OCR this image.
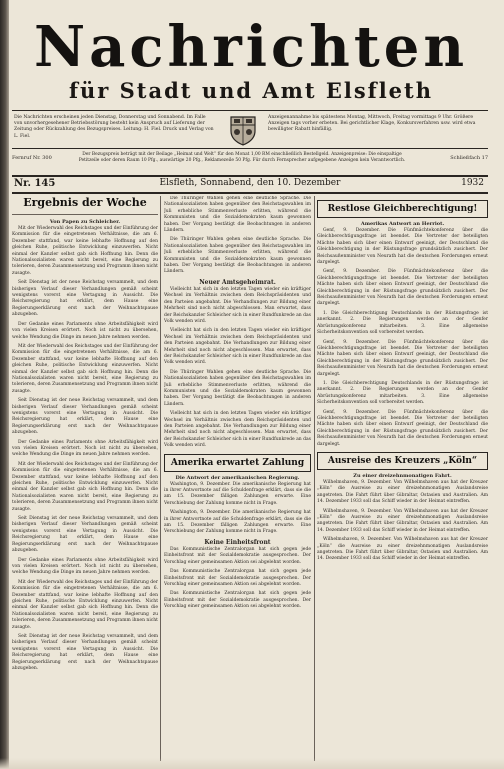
Nachrichten
für Stadt und Amt Elsfleth
Die Nachrichten erscheinen jeden Dienstag, Donnerstag und Sonnabend. Im Falle von unvorhergesehener Betriebsstörung besteht kein Anspruch auf Lieferung der Zeitung oder Rückzahlung des Bezugspreises. Leitung: H. Fiel. Druck und Verlag von L. Fiel.
Anzeigenannahme bis spätestens Montag, Mittwoch, Freitag vormittags 9 Uhr. Größere Anzeigen tags vorher erbeten. Bei gerichtlicher Klage, Konkursverfahren usw. wird etwa bewilligter Rabatt hinfällig.
Fernruf Nr. 300
Der Bezugspreis beträgt mit der Beilage „Heimat und Welt“ für den Monat 1,00 RM einschließlich Bestellgeld. Anzeigenpreise: Die einspaltige Petitzeile oder deren Raum 10 Pfg., auswärtige 20 Pfg., Reklamezeile 50 Pfg. Für durch Fernsprecher aufgegebene Anzeigen kein Verantwortlich.	Schließfach 17
Nr. 145	Elsfleth, Sonnabend, den 10. Dezember	1932
Ergebnis der Woche
Von Papen zu Schleicher.

Mit der Wiederwahl des Reichstages und der Einführung der Kommission für die eingetretenen Verhältnisse, die am 6. Dezember stattfand, war keine lebhafte Hoffnung auf den gleichen Ruhe, politische Entwicklung einzuwerfen. Nicht einmal der Kanzler selbst gab sich Hoffnung hin. Denn die Nationalsozialisten waren nicht bereit, eine Regierung zu tolerieren, deren Zusammensetzung und Programm ihnen nicht zusagte.

Seit Dienstag ist der neue Reichstag versammelt, und dem bisherigen Verlauf dieser Verhandlungen gemäß scheint wenigstens vorerst eine Vertagung in Aussicht. Die Reichsregierung hat erklärt, dem Hause eine Regierungserklärung erst nach der Weihnachtspause abzugeben.

Der Gedanke eines Parlaments ohne Arbeitsfähigkeit wird von vielen Kreisen erörtert. Noch ist nicht zu übersehen, welche Wendung die Dinge im neuen Jahre nehmen werden.

Mit der Wiederwahl des Reichstages und der Einführung der Kommission für die eingetretenen Verhältnisse, die am 6. Dezember stattfand, war keine lebhafte Hoffnung auf den gleichen Ruhe, politische Entwicklung einzuwerfen. Nicht einmal der Kanzler selbst gab sich Hoffnung hin. Denn die Nationalsozialisten waren nicht bereit, eine Regierung zu tolerieren, deren Zusammensetzung und Programm ihnen nicht zusagte.

Seit Dienstag ist der neue Reichstag versammelt, und dem bisherigen Verlauf dieser Verhandlungen gemäß scheint wenigstens vorerst eine Vertagung in Aussicht. Die Reichsregierung hat erklärt, dem Hause eine Regierungserklärung erst nach der Weihnachtspause abzugeben.

Der Gedanke eines Parlaments ohne Arbeitsfähigkeit wird von vielen Kreisen erörtert. Noch ist nicht zu übersehen, welche Wendung die Dinge im neuen Jahre nehmen werden.

Mit der Wiederwahl des Reichstages und der Einführung der Kommission für die eingetretenen Verhältnisse, die am 6. Dezember stattfand, war keine lebhafte Hoffnung auf den gleichen Ruhe, politische Entwicklung einzuwerfen. Nicht einmal der Kanzler selbst gab sich Hoffnung hin. Denn die Nationalsozialisten waren nicht bereit, eine Regierung zu tolerieren, deren Zusammensetzung und Programm ihnen nicht zusagte.

Seit Dienstag ist der neue Reichstag versammelt, und dem bisherigen Verlauf dieser Verhandlungen gemäß scheint wenigstens vorerst eine Vertagung in Aussicht. Die Reichsregierung hat erklärt, dem Hause eine Regierungserklärung erst nach der Weihnachtspause abzugeben.

Der Gedanke eines Parlaments ohne Arbeitsfähigkeit wird von vielen Kreisen erörtert. Noch ist nicht zu übersehen, welche Wendung die Dinge im neuen Jahre nehmen werden.

Mit der Wiederwahl des Reichstages und der Einführung der Kommission für die eingetretenen Verhältnisse, die am 6. Dezember stattfand, war keine lebhafte Hoffnung auf den gleichen Ruhe, politische Entwicklung einzuwerfen. Nicht einmal der Kanzler selbst gab sich Hoffnung hin. Denn die Nationalsozialisten waren nicht bereit, eine Regierung zu tolerieren, deren Zusammensetzung und Programm ihnen nicht zusagte.

Seit Dienstag ist der neue Reichstag versammelt, und dem bisherigen Verlauf dieser Verhandlungen gemäß scheint wenigstens vorerst eine Vertagung in Aussicht. Die Reichsregierung hat erklärt, dem Hause eine Regierungserklärung erst nach der Weihnachtspause abzugeben.

Die Thüringer Wahlen gehen eine deutliche Sprache. Die Nationalsozialisten haben gegenüber den Reichstagswahlen im Juli erhebliche Stimmenverluste erlitten, während die Kommunisten und die Sozialdemokraten kaum gewonnen haben. Der Vorgang bestätigt die Beobachtungen in anderen Ländern.

Die Thüringer Wahlen gehen eine deutliche Sprache. Die Nationalsozialisten haben gegenüber den Reichstagswahlen im Juli erhebliche Stimmenverluste erlitten, während die Kommunisten und die Sozialdemokraten kaum gewonnen haben. Der Vorgang bestätigt die Beobachtungen in anderen Ländern.

Neuer Amtsgeheimrat.

Vielleicht hat sich in den letzten Tagen wieder ein kräftiger Wechsel im Verhältnis zwischen dem Reichspräsidenten und den Parteien angebahnt. Die Verhandlungen zur Bildung einer Mehrheit sind noch nicht abgeschlossen. Man erwartet, dass der Reichskanzler Schleicher sich in einer Rundfunkrede an das Volk wenden wird.

Vielleicht hat sich in den letzten Tagen wieder ein kräftiger Wechsel im Verhältnis zwischen dem Reichspräsidenten und den Parteien angebahnt. Die Verhandlungen zur Bildung einer Mehrheit sind noch nicht abgeschlossen. Man erwartet, dass der Reichskanzler Schleicher sich in einer Rundfunkrede an das Volk wenden wird.

Die Thüringer Wahlen gehen eine deutliche Sprache. Die Nationalsozialisten haben gegenüber den Reichstagswahlen im Juli erhebliche Stimmenverluste erlitten, während die Kommunisten und die Sozialdemokraten kaum gewonnen haben. Der Vorgang bestätigt die Beobachtungen in anderen Ländern.

Vielleicht hat sich in den letzten Tagen wieder ein kräftiger Wechsel im Verhältnis zwischen dem Reichspräsidenten und den Parteien angebahnt. Die Verhandlungen zur Bildung einer Mehrheit sind noch nicht abgeschlossen. Man erwartet, dass der Reichskanzler Schleicher sich in einer Rundfunkrede an das Volk wenden wird.

Amerika erwartet Zahlung
Die Antwort der amerikanischen Regierung.

Washington, 9. Dezember. Die amerikanische Regierung hat in ihrer Antwortnote auf die Schuldenfrage erklärt, dass sie die am 15. Dezember fälligen Zahlungen erwarte. Eine Verschiebung der Zahlung komme nicht in Frage.

Washington, 9. Dezember. Die amerikanische Regierung hat in ihrer Antwortnote auf die Schuldenfrage erklärt, dass sie die am 15. Dezember fälligen Zahlungen erwarte. Eine Verschiebung der Zahlung komme nicht in Frage.

Keine Einheitsfront

Das Kommunistische Zentralorgan hat sich gegen jede Einheitsfront mit der Sozialdemokratie ausgesprochen. Der Vorschlag einer gemeinsamen Aktion sei abgelehnt worden.

Das Kommunistische Zentralorgan hat sich gegen jede Einheitsfront mit der Sozialdemokratie ausgesprochen. Der Vorschlag einer gemeinsamen Aktion sei abgelehnt worden.

Das Kommunistische Zentralorgan hat sich gegen jede Einheitsfront mit der Sozialdemokratie ausgesprochen. Der Vorschlag einer gemeinsamen Aktion sei abgelehnt worden.

Restlose Gleichberechtigung!
Amerikas Antwort an Herriot.

Genf, 9. Dezember. Die Fünfmächtekonferenz über die Gleichberechtigungsfrage ist beendet. Die Vertreter der beteiligten Mächte haben sich über einen Entwurf geeinigt, der Deutschland die Gleichberechtigung in der Rüstungsfrage grundsätzlich zusichert. Der Reichsaußenminister von Neurath hat die deutschen Forderungen erneut dargelegt.

Genf, 9. Dezember. Die Fünfmächtekonferenz über die Gleichberechtigungsfrage ist beendet. Die Vertreter der beteiligten Mächte haben sich über einen Entwurf geeinigt, der Deutschland die Gleichberechtigung in der Rüstungsfrage grundsätzlich zusichert. Der Reichsaußenminister von Neurath hat die deutschen Forderungen erneut dargelegt.

1. Die Gleichberechtigung Deutschlands in der Rüstungsfrage ist anerkannt. 2. Die Regierungen werden an der Genfer Abrüstungskonferenz mitarbeiten. 3. Eine allgemeine Sicherheitskonvention soll vorbereitet werden.

Genf, 9. Dezember. Die Fünfmächtekonferenz über die Gleichberechtigungsfrage ist beendet. Die Vertreter der beteiligten Mächte haben sich über einen Entwurf geeinigt, der Deutschland die Gleichberechtigung in der Rüstungsfrage grundsätzlich zusichert. Der Reichsaußenminister von Neurath hat die deutschen Forderungen erneut dargelegt.

1. Die Gleichberechtigung Deutschlands in der Rüstungsfrage ist anerkannt. 2. Die Regierungen werden an der Genfer Abrüstungskonferenz mitarbeiten. 3. Eine allgemeine Sicherheitskonvention soll vorbereitet werden.

Genf, 9. Dezember. Die Fünfmächtekonferenz über die Gleichberechtigungsfrage ist beendet. Die Vertreter der beteiligten Mächte haben sich über einen Entwurf geeinigt, der Deutschland die Gleichberechtigung in der Rüstungsfrage grundsätzlich zusichert. Der Reichsaußenminister von Neurath hat die deutschen Forderungen erneut dargelegt.

Ausreise des Kreuzers „Köln“
Zu einer dreizehnmonatigen Fahrt.

Wilhelmshaven, 9. Dezember. Von Wilhelmshaven aus hat der Kreuzer „Köln“ die Ausreise zu einer dreizehnmonatigen Auslandsreise angetreten. Die Fahrt führt über Gibraltar, Ostasien und Australien. Am 14. Dezember 1933 soll das Schiff wieder in der Heimat eintreffen.

Wilhelmshaven, 9. Dezember. Von Wilhelmshaven aus hat der Kreuzer „Köln“ die Ausreise zu einer dreizehnmonatigen Auslandsreise angetreten. Die Fahrt führt über Gibraltar, Ostasien und Australien. Am 14. Dezember 1933 soll das Schiff wieder in der Heimat eintreffen.

Wilhelmshaven, 9. Dezember. Von Wilhelmshaven aus hat der Kreuzer „Köln“ die Ausreise zu einer dreizehnmonatigen Auslandsreise angetreten. Die Fahrt führt über Gibraltar, Ostasien und Australien. Am 14. Dezember 1933 soll das Schiff wieder in der Heimat eintreffen.
